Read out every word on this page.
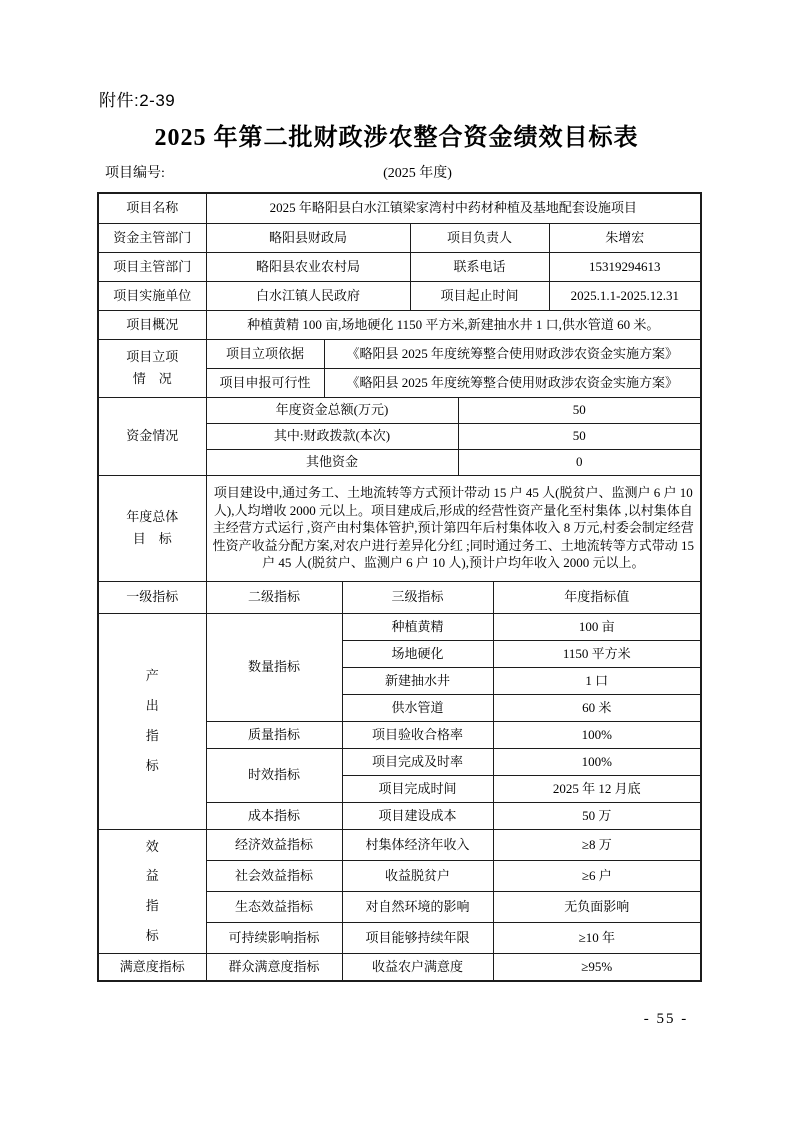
附件:2-39
2025 年第二批财政涉农整合资金绩效目标表
项目编号:	(2025 年度)
项目名称	2025 年略阳县白水江镇梁家湾村中药材种植及基地配套设施项目						
资金主管部门	略阳县财政局			项目负责人			朱增宏
项目主管部门	略阳县农业农村局			联系电话			15319294613
项目实施单位	白水江镇人民政府			项目起止时间			2025.1.1-2025.12.31
项目概况	种植黄精 100 亩,场地硬化 1150 平方米,新建抽水井 1 口,供水管道 60 米。						

项目立项
情　况	项目立项依据	《略阳县 2025 年度统筹整合使用财政涉农资金实施方案》					
	项目申报可行性	《略阳县 2025 年度统筹整合使用财政涉农资金实施方案》					
资金情况	年度资金总额(万元)				50		
	其中:财政拨款(本次)				50		
	其他资金				0		

年度总体
目　标	项目建设中,通过务工、土地流转等方式预计带动 15 户 45 人(脱贫户、监测户 6 户 10 人),人均增收 2000 元以上。项目建成后,形成的经营性资产量化至村集体 ,以村集体自主经营方式运行 ,资产由村集体管护,预计第四年后村集体收入 8 万元,村委会制定经营性资产收益分配方案,对农户进行差异化分红 ;同时通过务工、土地流转等方式带动 15 户 45 人(脱贫户、监测户 6 户 10 人),预计户均年收入 2000 元以上。						
一级指标	二级指标		三级指标			年度指标值	
产出指标	数量指标		种植黄精			100 亩	
			场地硬化			1150 平方米	
			新建抽水井			1 口	
			供水管道			60 米	
	质量指标		项目验收合格率			100%	
	时效指标		项目完成及时率			100%	
			项目完成时间			2025 年 12 月底	
	成本指标		项目建设成本			50 万	
效益指标	经济效益指标		村集体经济年收入			≥8 万	
	社会效益指标		收益脱贫户			≥6 户	
	生态效益指标		对自然环境的影响			无负面影响	
	可持续影响指标		项目能够持续年限			≥10 年	
满意度指标	群众满意度指标		收益农户满意度			≥95%	
- 55 -
